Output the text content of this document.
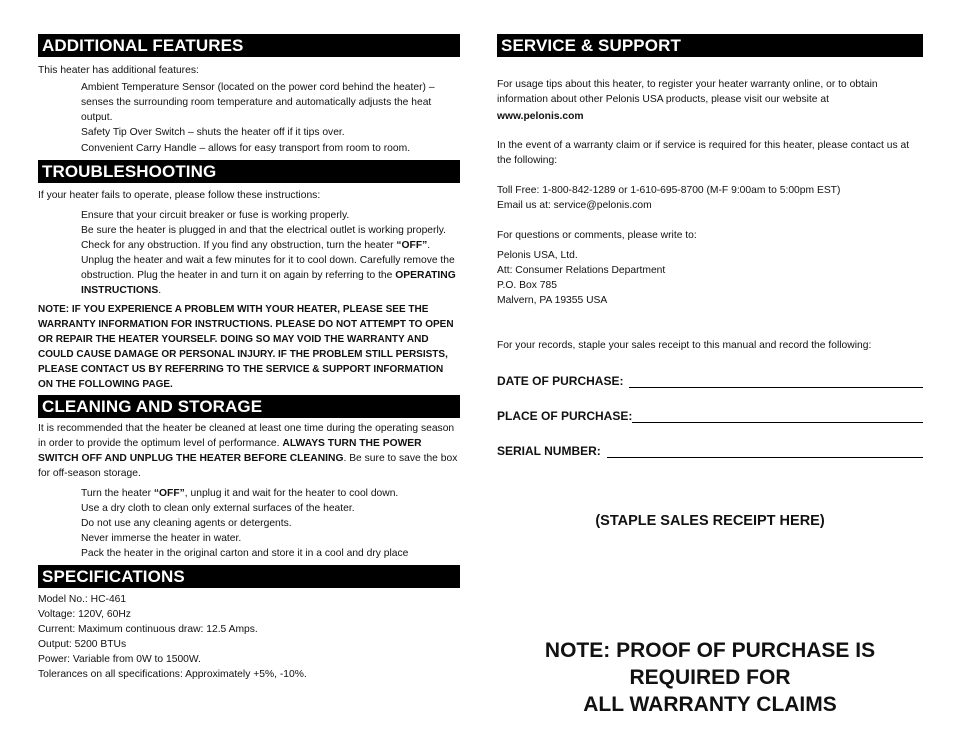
ADDITIONAL FEATURES

This heater has additional features:

Ambient Temperature Sensor (located on the power cord behind the heater) – senses the surrounding room temperature and automatically adjusts the heat output.

Safety Tip Over Switch – shuts the heater off if it tips over.

Convenient Carry Handle – allows for easy transport from room to room.

TROUBLESHOOTING

If your heater fails to operate, please follow these instructions:

Ensure that your circuit breaker or fuse is working properly.

Be sure the heater is plugged in and that the electrical outlet is working properly.

Check for any obstruction. If you find any obstruction, turn the heater “OFF”.

Unplug the heater and wait a few minutes for it to cool down. Carefully remove the obstruction. Plug the heater in and turn it on again by referring to the OPERATING INSTRUCTIONS.

NOTE: IF YOU EXPERIENCE A PROBLEM WITH YOUR HEATER, PLEASE SEE THE WARRANTY INFORMATION FOR INSTRUCTIONS. PLEASE DO NOT ATTEMPT TO OPEN OR REPAIR THE HEATER YOURSELF. DOING SO MAY VOID THE WARRANTY AND COULD CAUSE DAMAGE OR PERSONAL INJURY. IF THE PROBLEM STILL PERSISTS, PLEASE CONTACT US BY REFERRING TO THE SERVICE & SUPPORT INFORMATION ON THE FOLLOWING PAGE.

CLEANING AND STORAGE

It is recommended that the heater be cleaned at least one time during the operating season in order to provide the optimum level of performance. ALWAYS TURN THE POWER SWITCH OFF AND UNPLUG THE HEATER BEFORE CLEANING. Be sure to save the box for off-season storage.

Turn the heater “OFF”, unplug it and wait for the heater to cool down.

Use a dry cloth to clean only external surfaces of the heater.

Do not use any cleaning agents or detergents.

Never immerse the heater in water.

Pack the heater in the original carton and store it in a cool and dry place

SPECIFICATIONS

Model No.: HC-461

Voltage: 120V, 60Hz

Current: Maximum continuous draw: 12.5 Amps.

Output: 5200 BTUs

Power: Variable from 0W to 1500W.

Tolerances on all specifications: Approximately +5%, -10%.

SERVICE & SUPPORT

For usage tips about this heater, to register your heater warranty online, or to obtain information about other Pelonis USA products, please visit our website at

www.pelonis.com

In the event of a warranty claim or if service is required for this heater, please contact us at the following:

Toll Free: 1-800-842-1289 or 1-610-695-8700 (M-F 9:00am to 5:00pm EST)

Email us at: service@pelonis.com

For questions or comments, please write to:

Pelonis USA, Ltd.

Att: Consumer Relations Department

P.O. Box 785

Malvern, PA 19355 USA

For your records, staple your sales receipt to this manual and record the following:

DATE OF PURCHASE:
PLACE OF PURCHASE:
SERIAL NUMBER:
(STAPLE SALES RECEIPT HERE)
NOTE: PROOF OF PURCHASE IS REQUIRED FOR
ALL WARRANTY CLAIMS
